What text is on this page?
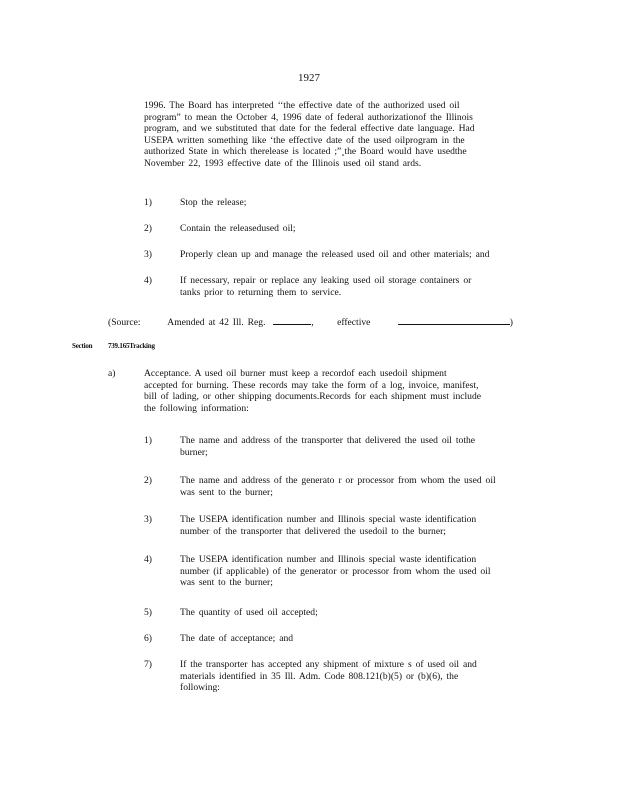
1927
1996. The Board has interpreted ‘‘the effective date of the authorized used oil
program” to mean the October 4, 1996 date of federal authorizationof the Illinois
program, and we substituted that date for the federal effective date language. Had
USEPA written something like ‘the effective date of the used oilprogram in the
authorized State in which therelease is located ;”¸the Board would have usedthe
November 22, 1993 effective date of the Illinois used oil stand ards.
1)	Stop the release;
2)	Contain the releasedused oil;
3)	Properly clean up and manage the released used oil and other materials; and
4)	If necessary, repair or replace any leaking used oil storage containers or
tanks prior to returning them to service.
(Source:	Amended at 42 Ill. Reg.	, effective	)
Section 739.165Tracking
a)	Acceptance. A used oil burner must keep a recordof each usedoil shipment
accepted for burning. These records may take the form of a log, invoice, manifest,
bill of lading, or other shipping documents.Records for each shipment must include
the following information:
1)	The name and address of the transporter that delivered the used oil tothe
burner;
2)	The name and address of the generato r or processor from whom the used oil
was sent to the burner;
3)	The USEPA identification number and Illinois special waste identification
number of the transporter that delivered the usedoil to the burner;
4)	The USEPA identification number and Illinois special waste identification
number (if applicable) of the generator or processor from whom the used oil
was sent to the burner;
5)	The quantity of used oil accepted;
6)	The date of acceptance; and
7)	If the transporter has accepted any shipment of mixture s of used oil and
materials identified in 35 Ill. Adm. Code 808.121(b)(5) or (b)(6), the
following:
